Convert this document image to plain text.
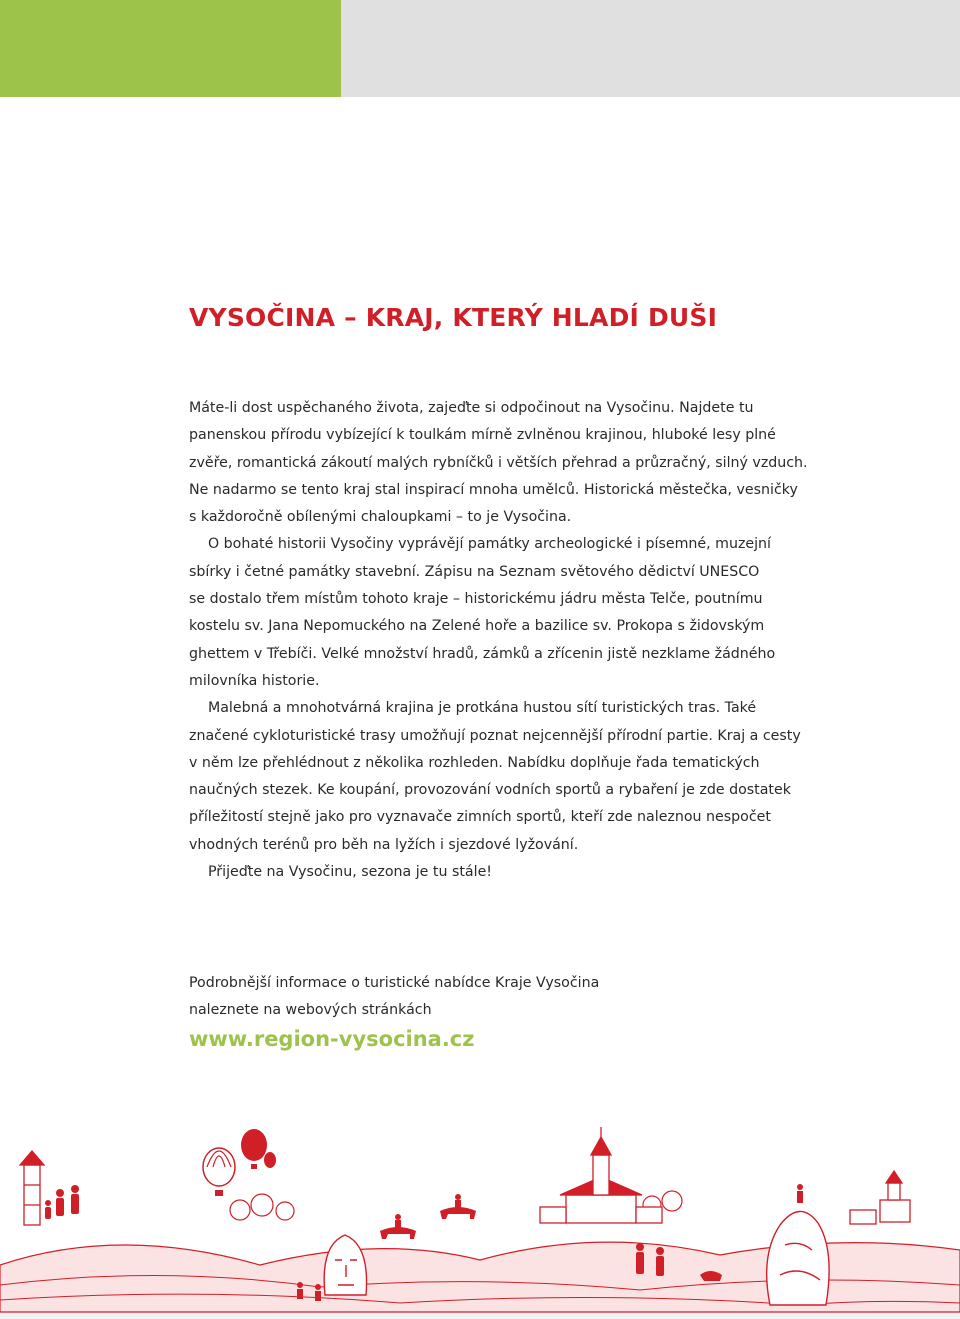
VYSOČINA – KRAJ, KTERÝ HLADÍ DUŠI

Máte-li dost uspěchaného života, zajeďte si odpočinout na Vysočinu. Najdete tu

panenskou přírodu vybízející k toulkám mírně zvlněnou krajinou, hluboké lesy plné

zvěře, romantická zákoutí malých rybníčků i větších přehrad a průzračný, silný vzduch.

Ne nadarmo se tento kraj stal inspirací mnoha umělců. Historická městečka, vesničky

s každoročně obílenými chaloupkami – to je Vysočina.

O bohaté historii Vysočiny vyprávějí památky archeologické i písemné, muzejní

sbírky i četné památky stavební. Zápisu na Seznam světového dědictví UNESCO

se dostalo třem místům tohoto kraje – historickému jádru města Telče, poutnímu

kostelu sv. Jana Nepomuckého na Zelené hoře a bazilice sv. Prokopa s židovským

ghettem v Třebíči. Velké množství hradů, zámků a zřícenin jistě nezklame žádného

milovníka historie.

Malebná a mnohotvárná krajina je protkána hustou sítí turistických tras. Také

značené cykloturistické trasy umožňují poznat nejcennější přírodní partie. Kraj a cesty

v něm lze přehlédnout z několika rozhleden. Nabídku doplňuje řada tematických

naučných stezek. Ke koupání, provozování vodních sportů a rybaření je zde dostatek

příležitostí stejně jako pro vyznavače zimních sportů, kteří zde naleznou nespočet

vhodných terénů pro běh na lyžích i sjezdové lyžování.

Přijeďte na Vysočinu, sezona je tu stále!

Podrobnější informace o turistické nabídce Kraje Vysočina

naleznete na webových stránkách

www.region-vysocina.cz
